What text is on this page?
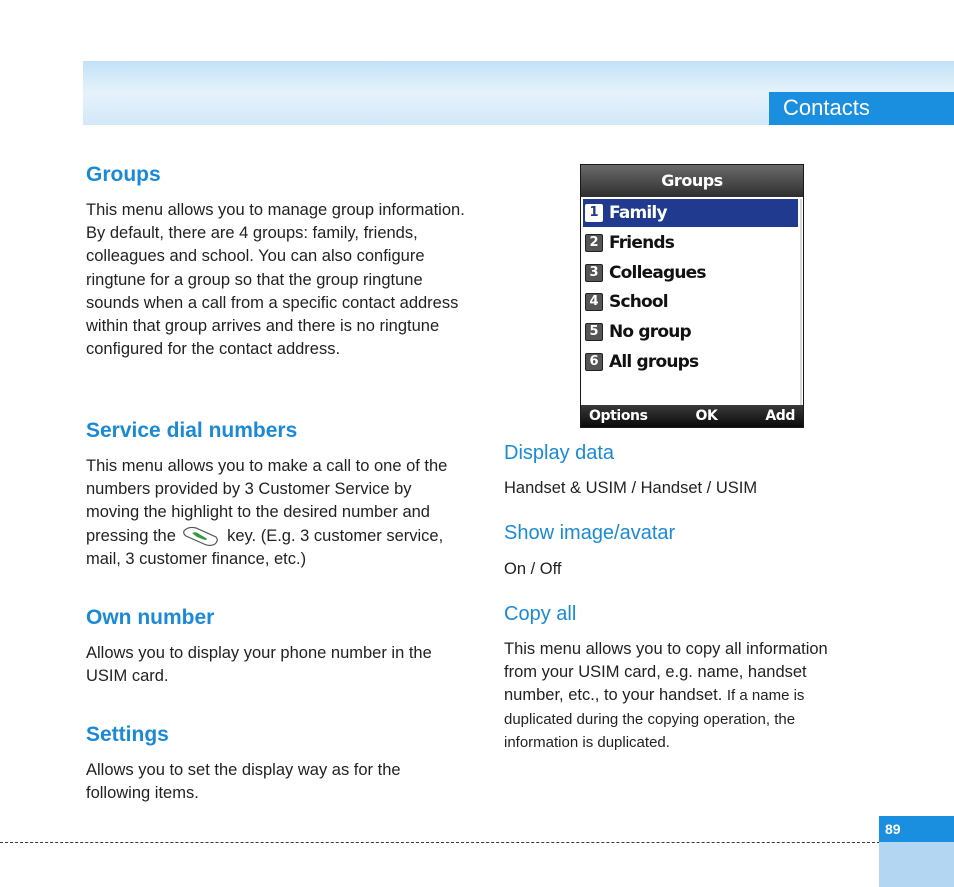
Contacts
Groups

This menu allows you to manage group information. By default, there are 4 groups: family, friends, colleagues and school. You can also configure ringtune for a group so that the group ringtune sounds when a call from a specific contact address within that group arrives and there is no ringtune configured for the contact address.

Service dial numbers

This menu allows you to make a call to one of the numbers provided by 3 Customer Service by moving the highlight to the desired number and pressing the	key. (E.g. 3 customer service, mail, 3 customer finance, etc.)

Own number

Allows you to display your phone number in the USIM card.

Settings

Allows you to set the display way as for the following items.

Groups
1 Family
2 Friends
3 Colleagues
4 School
5 No group
6 All groups
Options	OK	Add
Display data

Handset & USIM / Handset / USIM

Show image/avatar

On / Off

Copy all

This menu allows you to copy all information from your USIM card, e.g. name, handset number, etc., to your handset. If a name is duplicated during the copying operation, the information is duplicated.

89
